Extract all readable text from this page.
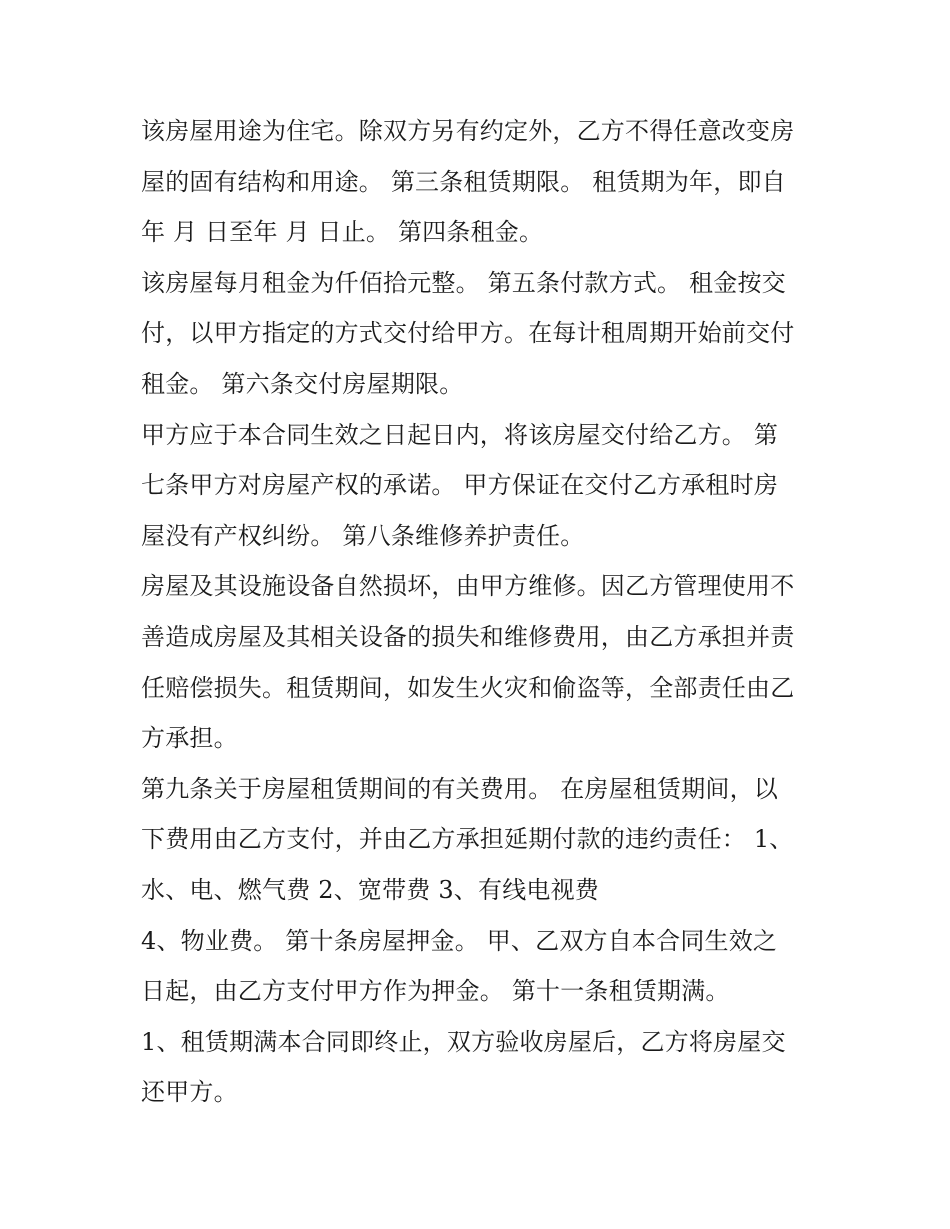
该房屋用途为住宅。除双方另有约定外，乙方不得任意改变房
屋的固有结构和用途。 第三条租赁期限。 租赁期为年，即自
年 月 日至年 月 日止。 第四条租金。
该房屋每月租金为仟佰拾元整。 第五条付款方式。 租金按交
付，以甲方指定的方式交付给甲方。在每计租周期开始前交付
租金。 第六条交付房屋期限。
甲方应于本合同生效之日起日内，将该房屋交付给乙方。 第
七条甲方对房屋产权的承诺。 甲方保证在交付乙方承租时房
屋没有产权纠纷。 第八条维修养护责任。
房屋及其设施设备自然损坏，由甲方维修。因乙方管理使用不
善造成房屋及其相关设备的损失和维修费用，由乙方承担并责
任赔偿损失。租赁期间，如发生火灾和偷盗等，全部责任由乙
方承担。
第九条关于房屋租赁期间的有关费用。 在房屋租赁期间，以
下费用由乙方支付，并由乙方承担延期付款的违约责任： 1、
水、电、燃气费 2、宽带费 3、有线电视费
4、物业费。 第十条房屋押金。 甲、乙双方自本合同生效之
日起，由乙方支付甲方作为押金。 第十一条租赁期满。
1、租赁期满本合同即终止，双方验收房屋后，乙方将房屋交
还甲方。
